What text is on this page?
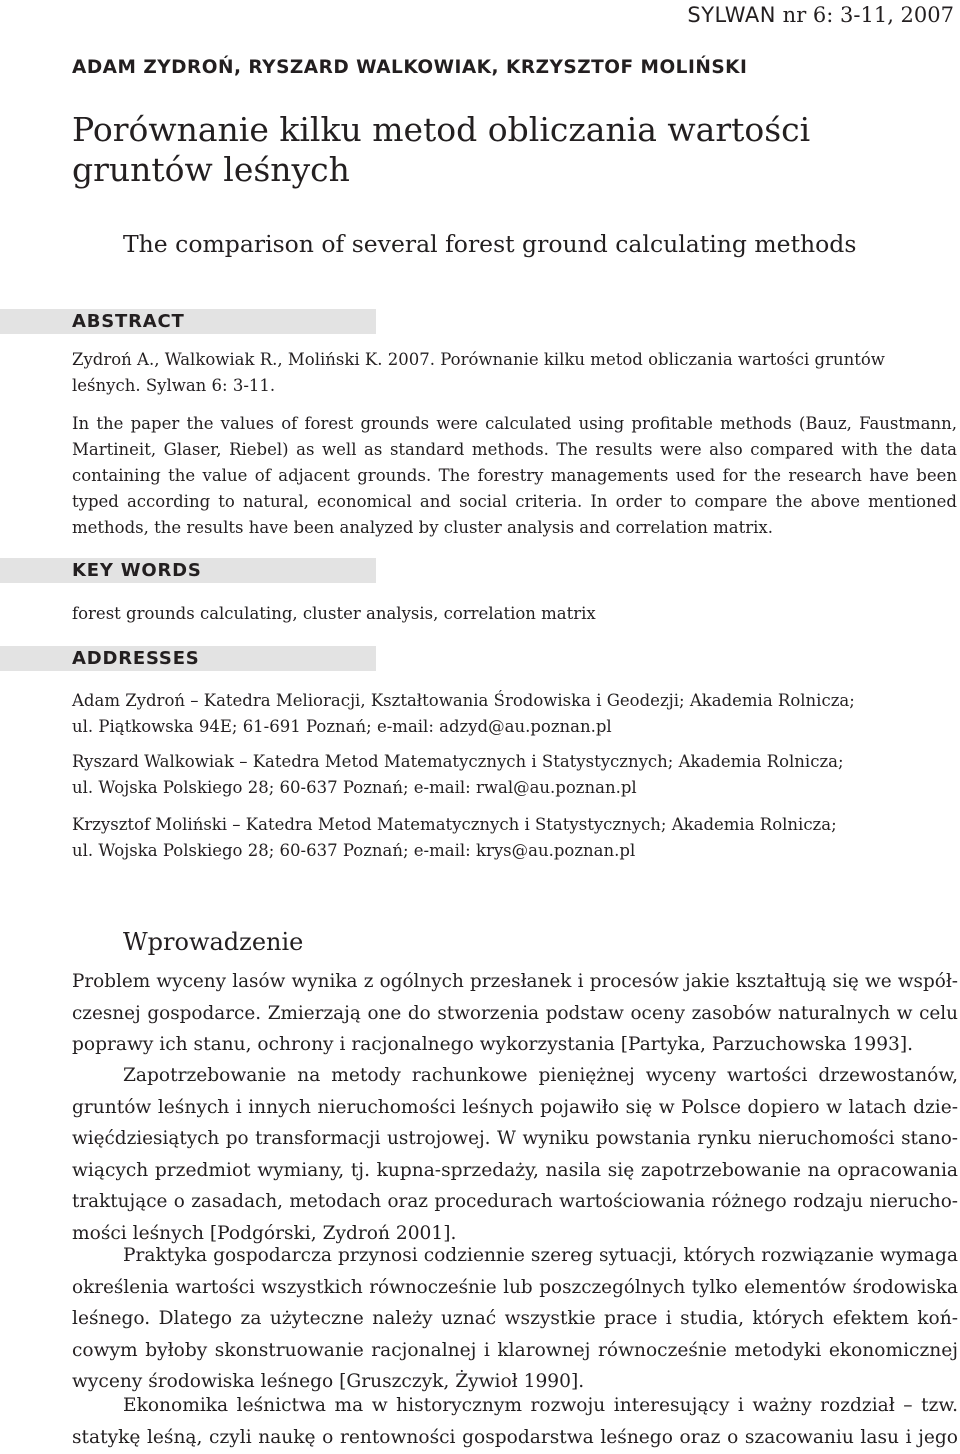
SYLWAN nr 6: 3-11, 2007
ADAM ZYDROŃ, RYSZARD WALKOWIAK, KRZYSZTOF MOLIŃSKI
Porównanie kilku metod obliczania wartości gruntów leśnych
The comparison of several forest ground calculating methods
ABSTRACT

Zydroń A., Walkowiak R., Moliński K. 2007. Porównanie kilku metod obliczania wartości gruntów leśnych. Sylwan 6: 3-11.

In the paper the values of forest grounds were calculated using profitable methods (Bauz, Faustmann, Martineit, Glaser, Riebel) as well as standard methods. The results were also compared with the data containing the value of adjacent grounds. The forestry managements used for the research have been typed according to natural, economical and social criteria. In order to compare the above mentioned methods, the results have been analyzed by cluster analysis and correlation matrix.

KEY WORDS

forest grounds calculating, cluster analysis, correlation matrix

ADDRESSES
Adam Zydroń – Katedra Melioracji, Kształtowania Środowiska i Geodezji; Akademia Rolnicza;
ul. Piątkowska 94E; 61-691 Poznań; e-mail: adzyd@au.poznan.pl
Ryszard Walkowiak – Katedra Metod Matematycznych i Statystycznych; Akademia Rolnicza;
ul. Wojska Polskiego 28; 60-637 Poznań; e-mail: rwal@au.poznan.pl
Krzysztof Moliński – Katedra Metod Matematycznych i Statystycznych; Akademia Rolnicza;
ul. Wojska Polskiego 28; 60-637 Poznań; e-mail: krys@au.poznan.pl
Wprowadzenie

Problem wyceny lasów wynika z ogólnych przesłanek i procesów jakie kształtują się we współ-
czesnej gospodarce. Zmierzają one do stworzenia podstaw oceny zasobów naturalnych w celu
poprawy ich stanu, ochrony i racjonalnego wykorzystania [Partyka, Parzuchowska 1993].

Zapotrzebowanie na metody rachunkowe pieniężnej wyceny wartości drzewostanów,
gruntów leśnych i innych nieruchomości leśnych pojawiło się w Polsce dopiero w latach dzie-
więćdziesiątych po transformacji ustrojowej. W wyniku powstania rynku nieruchomości stano-
wiących przedmiot wymiany, tj. kupna-sprzedaży, nasila się zapotrzebowanie na opracowania
traktujące o zasadach, metodach oraz procedurach wartościowania różnego rodzaju nierucho-
mości leśnych [Podgórski, Zydroń 2001].

Praktyka gospodarcza przynosi codziennie szereg sytuacji, których rozwiązanie wymaga
określenia wartości wszystkich równocześnie lub poszczególnych tylko elementów środowiska
leśnego. Dlatego za użyteczne należy uznać wszystkie prace i studia, których efektem koń-
cowym byłoby skonstruowanie racjonalnej i klarownej równocześnie metodyki ekonomicznej
wyceny środowiska leśnego [Gruszczyk, Żywioł 1990].

Ekonomika leśnictwa ma w historycznym rozwoju interesujący i ważny rozdział – tzw.
statykę leśną, czyli naukę o rentowności gospodarstwa leśnego oraz o szacowaniu lasu i jego
